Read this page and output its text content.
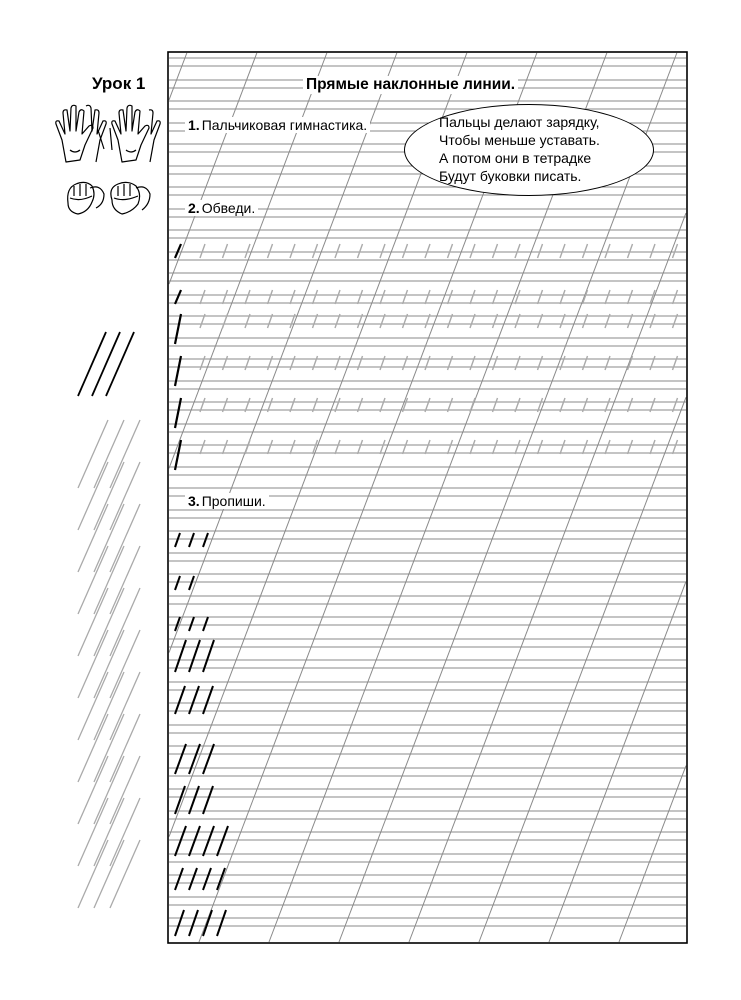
Урок 1	Прямые наклонные линии.
1. Пальчиковая гимнастика.
2. Обведи.
3. Пропиши.
Пальцы делают зарядку,
Чтобы меньше уставать.
А потом они в тетрадке
Будут буковки писать.
